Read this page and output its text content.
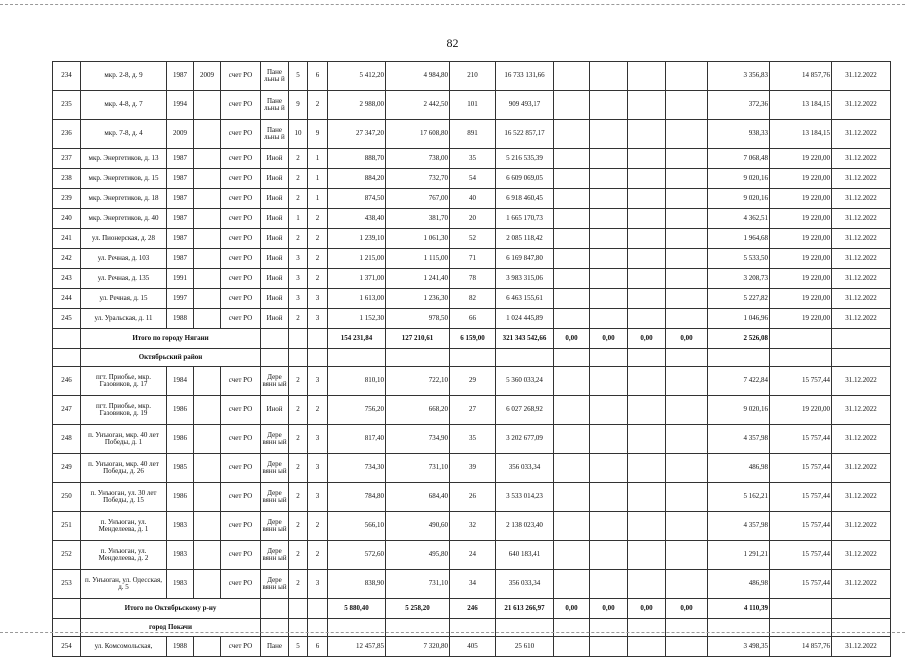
82
234	мкр. 2-8, д. 9	1987	2009	счет РО	Пане льны й	5	6	5 412,20	4 984,80	210	16 733 131,66					3 356,83	14 857,76	31.12.2022
235	мкр. 4-8, д. 7	1994		счет РО	Пане льны й	9	2	2 988,00	2 442,50	101	909 493,17					372,36	13 184,15	31.12.2022
236	мкр. 7-8, д. 4	2009		счет РО	Пане льны й	10	9	27 347,20	17 608,80	891	16 522 857,17					938,33	13 184,15	31.12.2022
237	мкр. Энергетиков, д. 13	1987		счет РО	Иной	2	1	888,70	738,00	35	5 216 535,39					7 068,48	19 220,00	31.12.2022
238	мкр. Энергетиков, д. 15	1987		счет РО	Иной	2	1	884,20	732,70	54	6 609 069,05					9 020,16	19 220,00	31.12.2022
239	мкр. Энергетиков, д. 18	1987		счет РО	Иной	2	1	874,50	767,00	40	6 918 460,45					9 020,16	19 220,00	31.12.2022
240	мкр. Энергетиков, д. 40	1987		счет РО	Иной	1	2	438,40	381,70	20	1 665 170,73					4 362,51	19 220,00	31.12.2022
241	ул. Пионерская, д. 28	1987		счет РО	Иной	2	2	1 239,10	1 061,30	52	2 085 118,42					1 964,68	19 220,00	31.12.2022
242	ул. Речная, д. 103	1987		счет РО	Иной	3	2	1 215,00	1 115,00	71	6 169 847,80					5 533,50	19 220,00	31.12.2022
243	ул. Речная, д. 135	1991		счет РО	Иной	3	2	1 371,00	1 241,40	78	3 983 315,06					3 208,73	19 220,00	31.12.2022
244	ул. Речная, д. 15	1997		счет РО	Иной	3	3	1 613,00	1 236,30	82	6 463 155,61					5 227,82	19 220,00	31.12.2022
245	ул. Уральская, д. 11	1988		счет РО	Иной	2	3	1 152,30	978,50	66	1 024 445,89					1 046,96	19 220,00	31.12.2022
	Итого по городу Нягани							154 231,84	127 210,61	6 159,00	321 343 542,66	0,00	0,00	0,00	0,00	2 526,08		
	Октябрьский район																	
246	пгт. Приобье, мкр. Газовиков, д. 17	1984		счет РО	Дере вянн ый	2	3	810,10	722,10	29	5 360 033,24					7 422,84	15 757,44	31.12.2022
247	пгт. Приобье, мкр. Газовиков, д. 19	1986		счет РО	Иной	2	2	756,20	668,20	27	6 027 268,92					9 020,16	19 220,00	31.12.2022
248	п. Унъюган, мкр. 40 лет Победы, д. 1	1986		счет РО	Дере вянн ый	2	3	817,40	734,90	35	3 202 677,09					4 357,98	15 757,44	31.12.2022
249	п. Унъюган, мкр. 40 лет Победы, д. 26	1985		счет РО	Дере вянн ый	2	3	734,30	731,10	39	356 033,34					486,98	15 757,44	31.12.2022
250	п. Унъюган, ул. 30 лет Победы, д. 15	1986		счет РО	Дере вянн ый	2	3	784,80	684,40	26	3 533 014,23					5 162,21	15 757,44	31.12.2022
251	п. Унъюган, ул. Менделеева, д. 1	1983		счет РО	Дере вянн ый	2	2	566,10	490,60	32	2 138 023,40					4 357,98	15 757,44	31.12.2022
252	п. Унъюган, ул. Менделеева, д. 2	1983		счет РО	Дере вянн ый	2	2	572,60	495,80	24	640 183,41					1 291,21	15 757,44	31.12.2022
253	п. Унъюган, ул. Одесская, д. 5	1983		счет РО	Дере вянн ый	2	3	838,90	731,10	34	356 033,34					486,98	15 757,44	31.12.2022
	Итого по Октябрьскому р-ну							5 880,40	5 258,20	246	21 613 266,97	0,00	0,00	0,00	0,00	4 110,39		
	город Покачи																	
254	ул. Комсомольская,	1988		счет РО	Пане	5	6	12 457,85	7 320,80	405	25 610					3 498,35	14 857,76	31.12.2022
